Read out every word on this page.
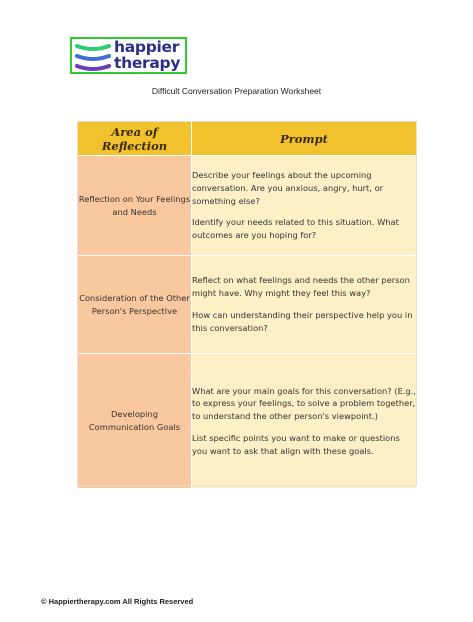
happier
therapy
Difficult Conversation Preparation Worksheet
Area of Reflection	Prompt
Reflection on Your Feelings and Needs	Describe your feelings about the upcoming conversation. Are you anxious, angry, hurt, or something else?

Identify your needs related to this situation. What outcomes are you hoping for?

Consideration of the Other Person's Perspective	Reflect on what feelings and needs the other person might have. Why might they feel this way?

How can understanding their perspective help you in this conversation?

Developing Communication Goals	What are your main goals for this conversation? (E.g., to express your feelings, to solve a problem together, to understand the other person's viewpoint.)

List specific points you want to make or questions you want to ask that align with these goals.

© Happiertherapy.com All Rights Reserved
